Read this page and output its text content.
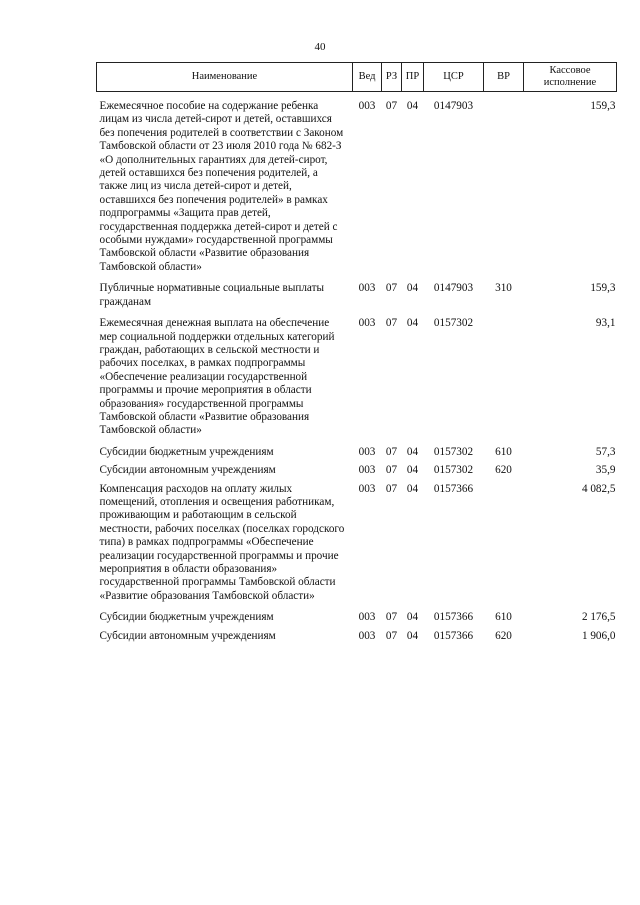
40
Наименование	Вед	РЗ	ПР	ЦСР	ВР	Кассовое исполнение
Ежемесячное пособие на содержание ребенка лицам из числа детей-сирот и детей, оставшихся без попечения родителей в соответствии с Законом Тамбовской области от 23 июля 2010 года № 682-З «О дополнительных гарантиях для детей-сирот, детей оставшихся без попечения родителей, а также лиц из числа детей-сирот и детей, оставшихся без попечения родителей» в рамках подпрограммы «Защита прав детей, государственная поддержка детей-сирот и детей с особыми нуждами» государственной программы Тамбовской области «Развитие образования Тамбовской области»	003	07	04	0147903		159,3

Публичные нормативные социальные выплаты гражданам	003	07	04	0147903	310	159,3

Ежемесячная денежная выплата на обеспечение мер социальной поддержки отдельных категорий граждан, работающих в сельской местности и рабочих поселках, в рамках подпрограммы «Обеспечение реализации государственной программы и прочие мероприятия в области образования» государственной программы Тамбовской области «Развитие образования Тамбовской области»	003	07	04	0157302		93,1

Субсидии бюджетным учреждениям	003	07	04	0157302	610	57,3

Субсидии автономным учреждениям	003	07	04	0157302	620	35,9

Компенсация расходов на оплату жилых помещений, отопления и освещения работникам, проживающим и работающим в сельской местности, рабочих поселках (поселках городского типа) в рамках подпрограммы «Обеспечение реализации государственной программы и прочие мероприятия в области образования» государственной программы Тамбовской области «Развитие образования Тамбовской области»	003	07	04	0157366		4 082,5

Субсидии бюджетным учреждениям	003	07	04	0157366	610	2 176,5

Субсидии автономным учреждениям	003	07	04	0157366	620	1 906,0
